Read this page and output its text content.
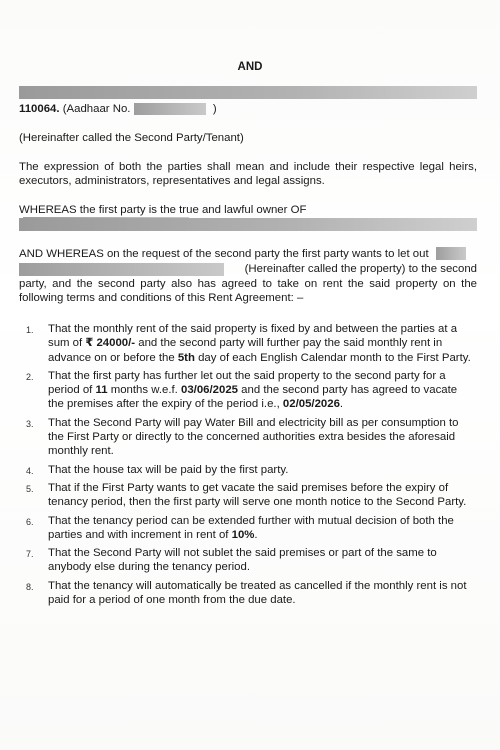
AND
110064. (Aadhaar No.	)
(Hereinafter called the Second Party/Tenant)
The expression of both the parties shall mean and include their respective legal heirs, executors, administrators, representatives and legal assigns.
WHEREAS the first party is the true and lawful owner OF
AND WHEREAS on the request of the second party the first party wants to let out
(Hereinafter called the property) to the second
party, and the second party also has agreed to take on rent the said property on the following terms and conditions of this Rent Agreement: –
1. That the monthly rent of the said property is fixed by and between the parties at a sum of ₹ 24000/- and the second party will further pay the said monthly rent in advance on or before the 5th day of each English Calendar month to the First Party.
2. That the first party has further let out the said property to the second party for a period of 11 months w.e.f. 03/06/2025 and the second party has agreed to vacate the premises after the expiry of the period i.e., 02/05/2026.
3. That the Second Party will pay Water Bill and electricity bill as per consumption to the First Party or directly to the concerned authorities extra besides the aforesaid monthly rent.
4. That the house tax will be paid by the first party.
5. That if the First Party wants to get vacate the said premises before the expiry of tenancy period, then the first party will serve one month notice to the Second Party.
6. That the tenancy period can be extended further with mutual decision of both the parties and with increment in rent of 10%.
7. That the Second Party will not sublet the said premises or part of the same to anybody else during the tenancy period.
8. That the tenancy will automatically be treated as cancelled if the monthly rent is not paid for a period of one month from the due date.
